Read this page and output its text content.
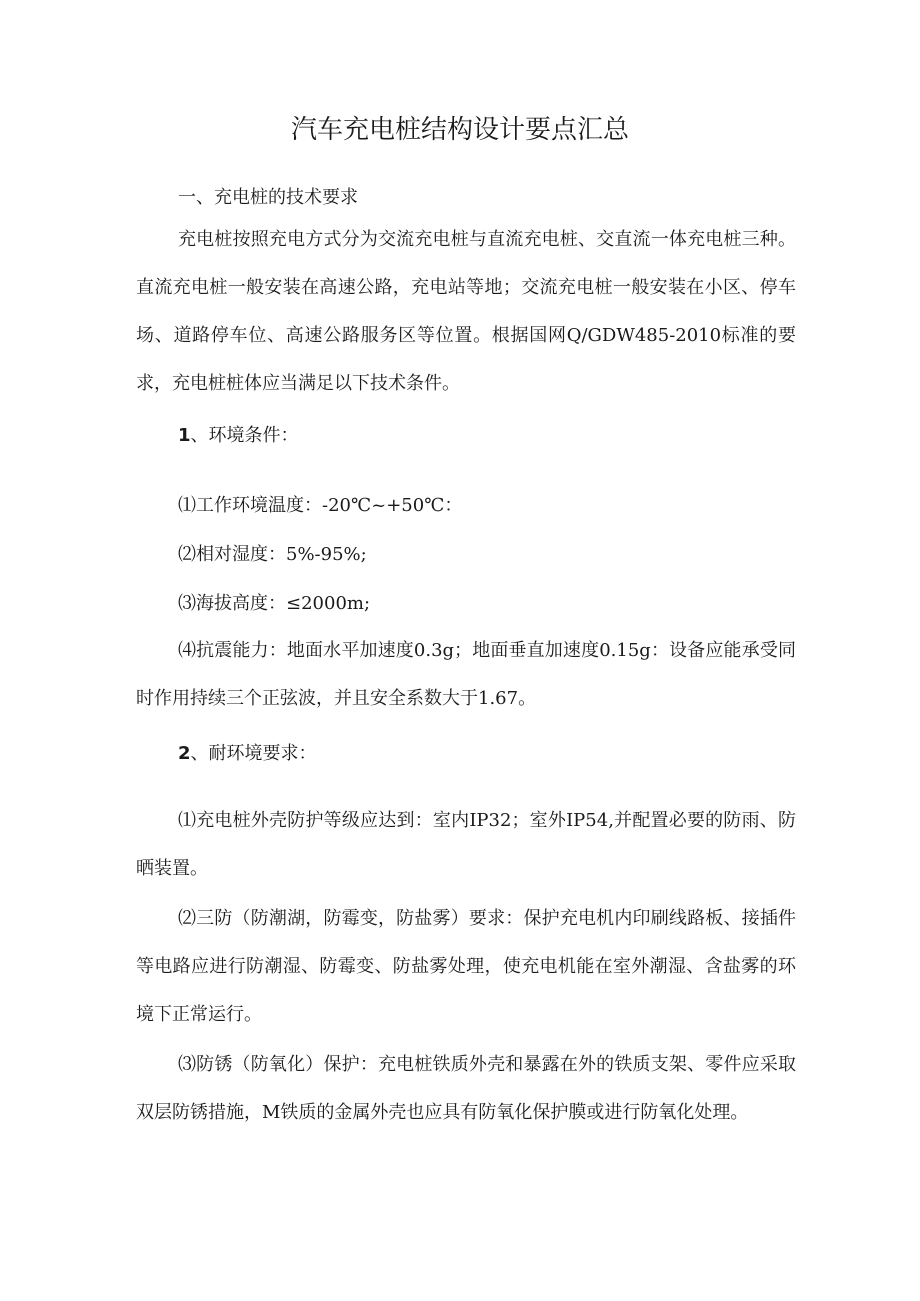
汽车充电桩结构设计要点汇总

一、充电桩的技术要求

充电桩按照充电方式分为交流充电桩与直流充电桩、交直流一体充电桩三种。直流充电桩一般安装在高速公路，充电站等地；交流充电桩一般安装在小区、停车场、道路停车位、高速公路服务区等位置。根据国网Q/GDW485-2010标准的要求，充电桩桩体应当满足以下技术条件。

1、环境条件：

⑴工作环境温度：-20℃~+50℃：

⑵相对湿度：5%-95%;

⑶海拔高度：≤2000m;

⑷抗震能力：地面水平加速度0.3g；地面垂直加速度0.15g：设备应能承受同时作用持续三个正弦波，并且安全系数大于1.67。

2、耐环境要求：

⑴充电桩外壳防护等级应达到：室内IP32；室外IP54,并配置必要的防雨、防晒装置。

⑵三防（防潮湖，防霉变，防盐雾）要求：保护充电机内印刷线路板、接插件等电路应进行防潮湿、防霉变、防盐雾处理，使充电机能在室外潮湿、含盐雾的环境下正常运行。

⑶防锈（防氧化）保护：充电桩铁质外壳和暴露在外的铁质支架、零件应采取双层防锈措施，M铁质的金属外壳也应具有防氧化保护膜或进行防氧化处理。
